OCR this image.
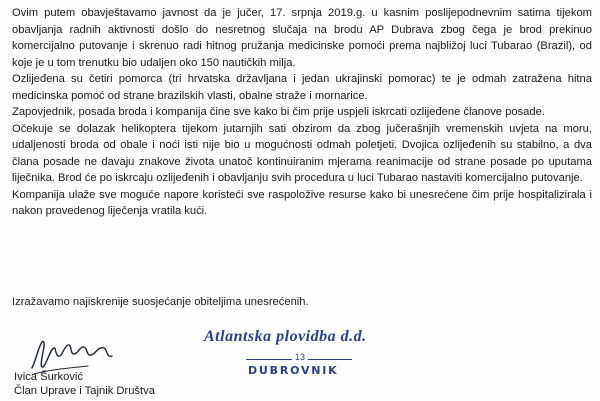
Ovim putem obavještavamo javnost da je jučer, 17. srpnja 2019.g. u kasnim poslijepodnevnim satima tijekom obavljanja radnih aktivnosti došlo do nesretnog slučaja na brodu AP Dubrava zbog čega je brod prekinuo komercijalno putovanje i skrenuo radi hitnog pružanja medicinske pomoći prema najbližoj luci Tubarao (Brazil), od koje je u tom trenutku bio udaljen oko 150 nautičkih milja.

Ozlijeđena su četiri pomorca (tri hrvatska državljana i jedan ukrajinski pomorac) te je odmah zatražena hitna medicinska pomoć od strane brazilskih vlasti, obalne straže i mornarice.

Zapovjednik, posada broda i kompanija čine sve kako bi čim prije uspjeli iskrcati ozlijeđene članove posade.

Očekuje se dolazak helikoptera tijekom jutarnjih sati obzirom da zbog jučerašnjih vremenskih uvjeta na moru, udaljenosti broda od obale i noći isti nije bio u mogućnosti odmah poletjeti. Dvojica ozlijeđenih su stabilno, a dva člana posade ne davaju znakove života unatoč kontinuiranim mjerama reanimacije od strane posade po uputama liječnika. Brod će po iskrcaju ozlijeđenih i obavljanju svih procedura u luci Tubarao nastaviti komercijalno putovanje.

Kompanija ulaže sve moguće napore koristeći sve raspoložive resurse kako bi unesrećene čim prije hospitalizirala i nakon provedenog liječenja vratila kući.

Izražavamo najiskrenije suosjećanje obiteljima unesrećenih.

Ivica Šurković

Član Uprave i Tajnik Društva

Atlantska plovidba d.d.

13

DUBROVNIK
